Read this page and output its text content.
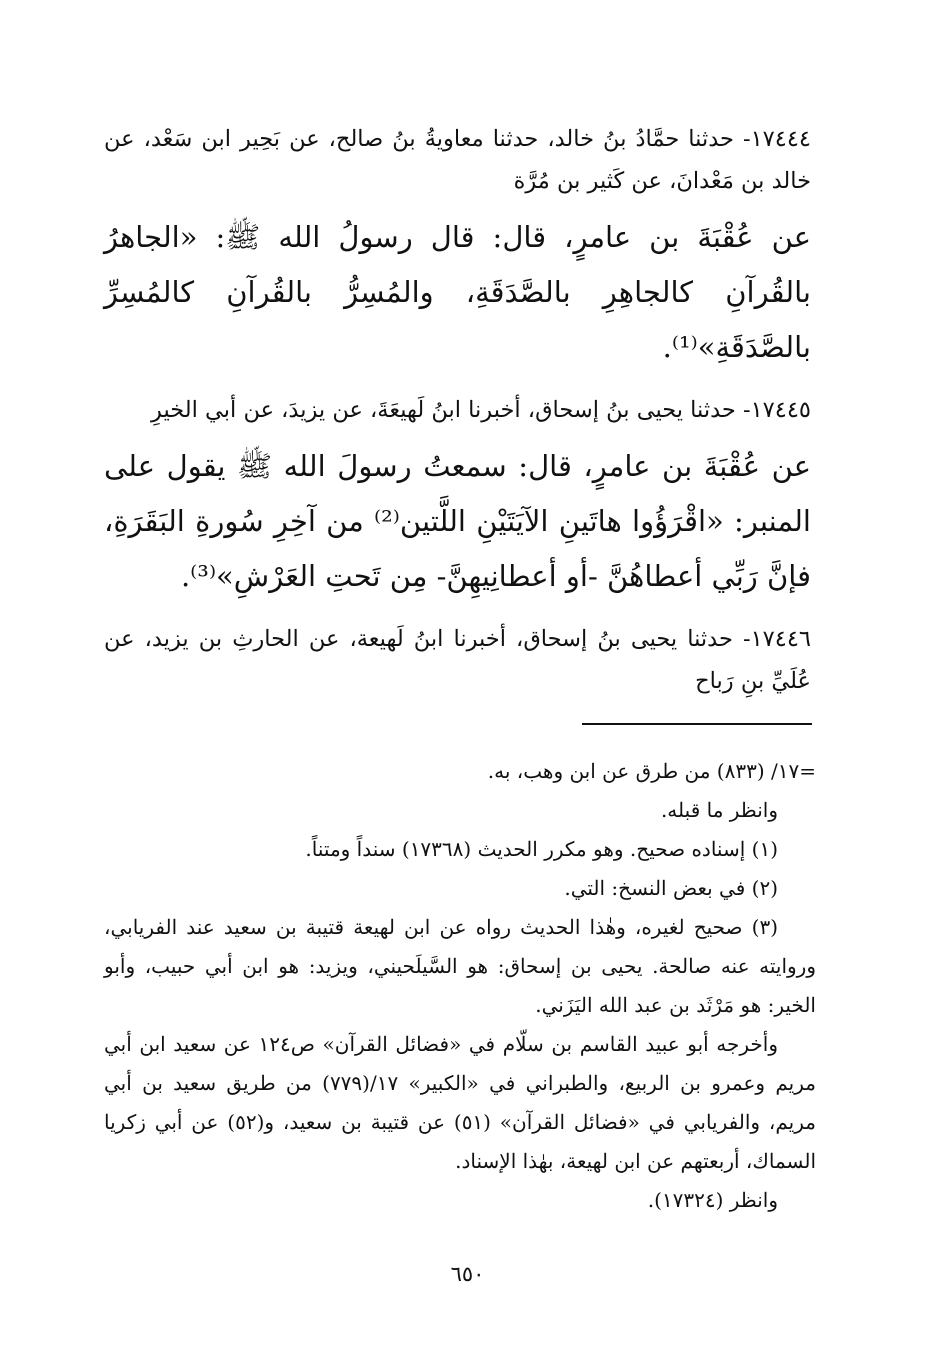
١٧٤٤٤- حدثنا حمَّادُ بنُ خالد، حدثنا معاويةُ بنُ صالح، عن بَحِير ابن سَعْد، عن خالد بن مَعْدانَ، عن كَثير بن مُرَّة

عن عُقْبَةَ بن عامرٍ، قال: قال رسولُ الله ﷺ: «الجاهرُ بالقُرآنِ كالجاهِرِ بالصَّدَقَةِ، والمُسِرُّ بالقُرآنِ كالمُسِرِّ بالصَّدَقَةِ»⁽¹⁾.

١٧٤٤٥- حدثنا يحيى بنُ إسحاق، أخبرنا ابنُ لَهيعَةَ، عن يزيدَ، عن أبي الخيرِ

عن عُقْبَةَ بن عامرٍ، قال: سمعتُ رسولَ الله ﷺ يقول على المنبر: «اقْرَؤُوا هاتَينِ الآيَتَيْنِ اللَّتين⁽²⁾ من آخِرِ سُورةِ البَقَرَةِ، فإنَّ رَبِّي أعطاهُنَّ -أو أعطانِيهِنَّ- مِن تَحتِ العَرْشِ»⁽³⁾.

١٧٤٤٦- حدثنا يحيى بنُ إسحاق، أخبرنا ابنُ لَهيعة، عن الحارثِ بن يزيد، عن عُلَيِّ بنِ رَباح

=١٧/ (٨٣٣) من طرق عن ابن وهب، به.

وانظر ما قبله.

(١) إسناده صحيح. وهو مكرر الحديث (١٧٣٦٨) سنداً ومتناً.

(٢) في بعض النسخ: التي.

(٣) صحيح لغيره، وهٰذا الحديث رواه عن ابن لهيعة قتيبة بن سعيد عند الفريابي، وروايته عنه صالحة. يحيى بن إسحاق: هو السَّيلَحيني، ويزيد: هو ابن أبي حبيب، وأبو الخير: هو مَرْثَد بن عبد الله اليَزَني.

وأخرجه أبو عبيد القاسم بن سلّام في «فضائل القرآن» ص١٢٤ عن سعيد ابن أبي مريم وعمرو بن الربيع، والطبراني في «الكبير» ١٧/(٧٧٩) من طريق سعيد بن أبي مريم، والفريابي في «فضائل القرآن» (٥١) عن قتيبة بن سعيد، و(٥٢) عن أبي زكريا السماك، أربعتهم عن ابن لهيعة، بهٰذا الإسناد.

وانظر (١٧٣٢٤).

٦٥٠
